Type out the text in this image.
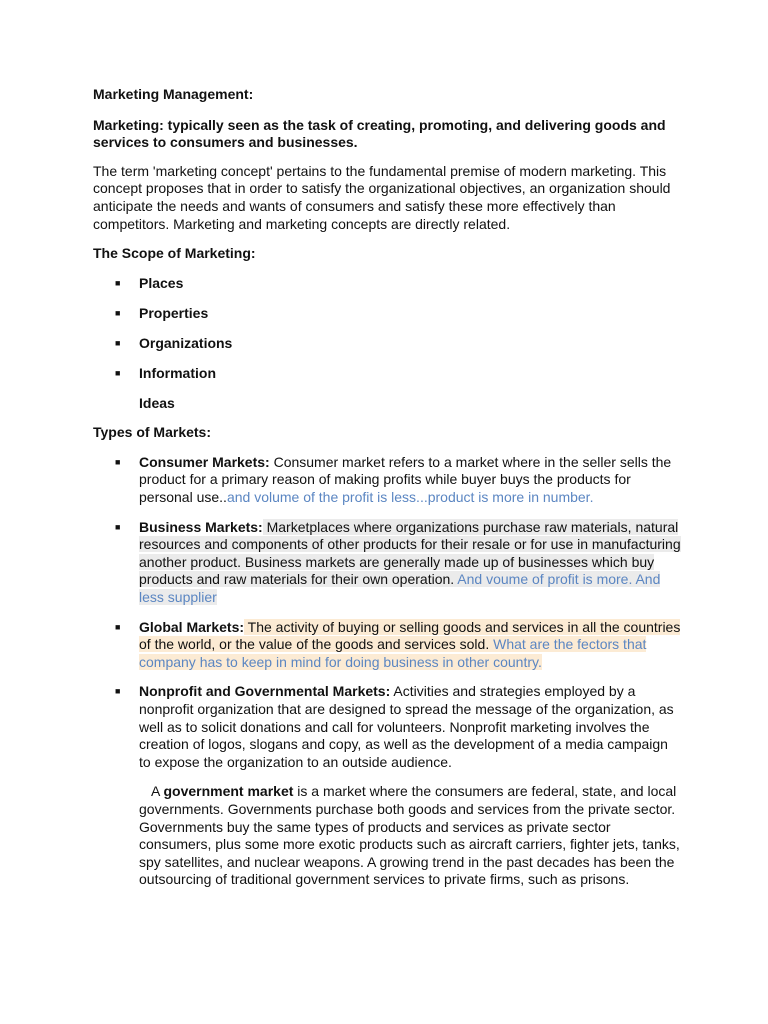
Marketing Management:

Marketing: typically seen as the task of creating, promoting, and delivering goods and services to consumers and businesses.

The term 'marketing concept' pertains to the fundamental premise of modern marketing. This concept proposes that in order to satisfy the organizational objectives, an organization should anticipate the needs and wants of consumers and satisfy these more effectively than competitors. Marketing and marketing concepts are directly related.

The Scope of Marketing:

■ Places
■ Properties
■ Organizations
■ Information

Ideas

Types of Markets:

■ Consumer Markets: Consumer market refers to a market where in the seller sells the product for a primary reason of making profits while buyer buys the products for personal use..and volume of the profit is less...product is more in number.
■ Business Markets: Marketplaces where organizations purchase raw materials, natural resources and components of other products for their resale or for use in manufacturing another product. Business markets are generally made up of businesses which buy products and raw materials for their own operation. And voume of profit is more. And less supplier
■ Global Markets: The activity of buying or selling goods and services in all the countries of the world, or the value of the goods and services sold. What are the fectors that company has to keep in mind for doing business in other country.
■ Nonprofit and Governmental Markets: Activities and strategies employed by a nonprofit organization that are designed to spread the message of the organization, as well as to solicit donations and call for volunteers. Nonprofit marketing involves the creation of logos, slogans and copy, as well as the development of a media campaign to expose the organization to an outside audience.

A government market is a market where the consumers are federal, state, and local governments. Governments purchase both goods and services from the private sector. Governments buy the same types of products and services as private sector consumers, plus some more exotic products such as aircraft carriers, fighter jets, tanks, spy satellites, and nuclear weapons. A growing trend in the past decades has been the outsourcing of traditional government services to private firms, such as prisons.
